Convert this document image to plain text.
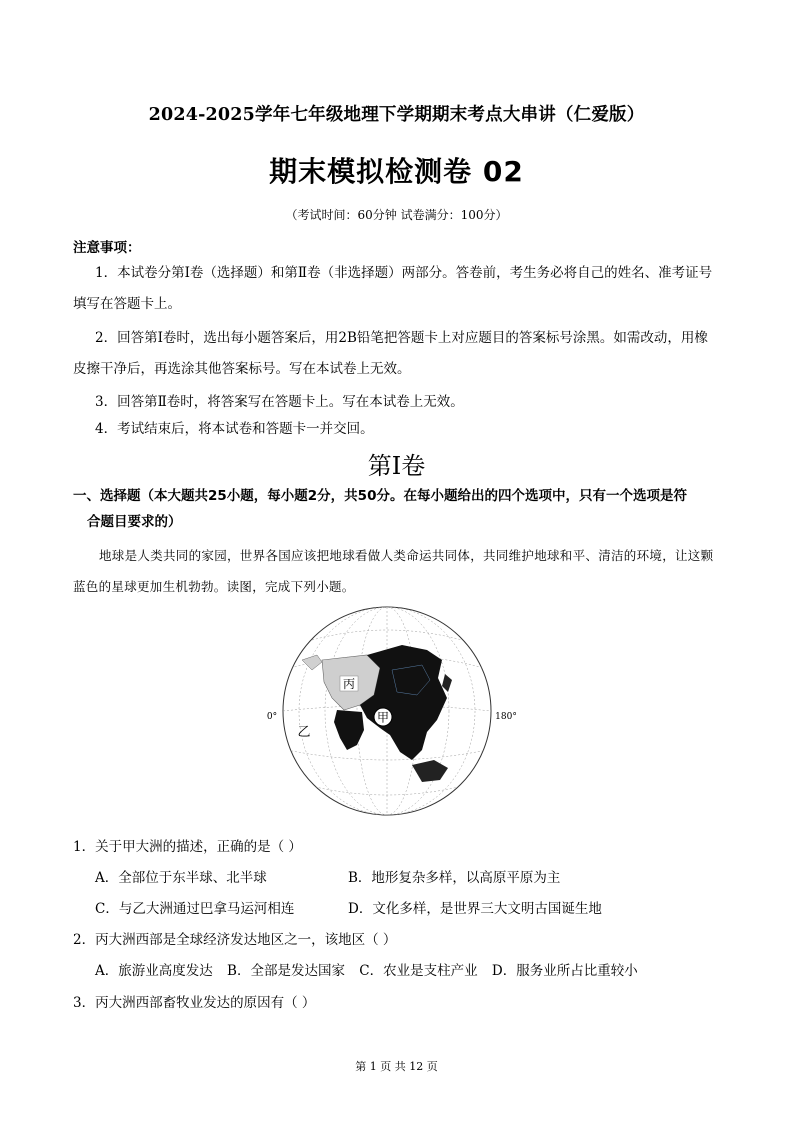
2024-2025学年七年级地理下学期期末考点大串讲（仁爱版）
期末模拟检测卷 02
（考试时间：60分钟 试卷满分：100分）
注意事项：
1．本试卷分第Ⅰ卷（选择题）和第Ⅱ卷（非选择题）两部分。答卷前，考生务必将自己的姓名、准考证号填写在答题卡上。
2．回答第Ⅰ卷时，选出每小题答案后，用2B铅笔把答题卡上对应题目的答案标号涂黑。如需改动，用橡皮擦干净后，再选涂其他答案标号。写在本试卷上无效。
3．回答第Ⅱ卷时，将答案写在答题卡上。写在本试卷上无效。
4．考试结束后，将本试卷和答题卡一并交回。
第Ⅰ卷
一、选择题（本大题共25小题，每小题2分，共50分。在每小题给出的四个选项中，只有一个选项是符
合题目要求的）
地球是人类共同的家园，世界各国应该把地球看做人类命运共同体，共同维护地球和平、清洁的环境，让这颗蓝色的星球更加生机勃勃。读图，完成下列小题。
甲
丙
乙
0°	180°
1．关于甲大洲的描述，正确的是（ ）
A．全部位于东半球、北半球	B．地形复杂多样，以高原平原为主
C．与乙大洲通过巴拿马运河相连	D．文化多样，是世界三大文明古国诞生地
2．丙大洲西部是全球经济发达地区之一，该地区（ ）
A．旅游业高度发达 B．全部是发达国家 C．农业是支柱产业 D．服务业所占比重较小
3．丙大洲西部畜牧业发达的原因有（ ）
第 1 页 共 12 页
